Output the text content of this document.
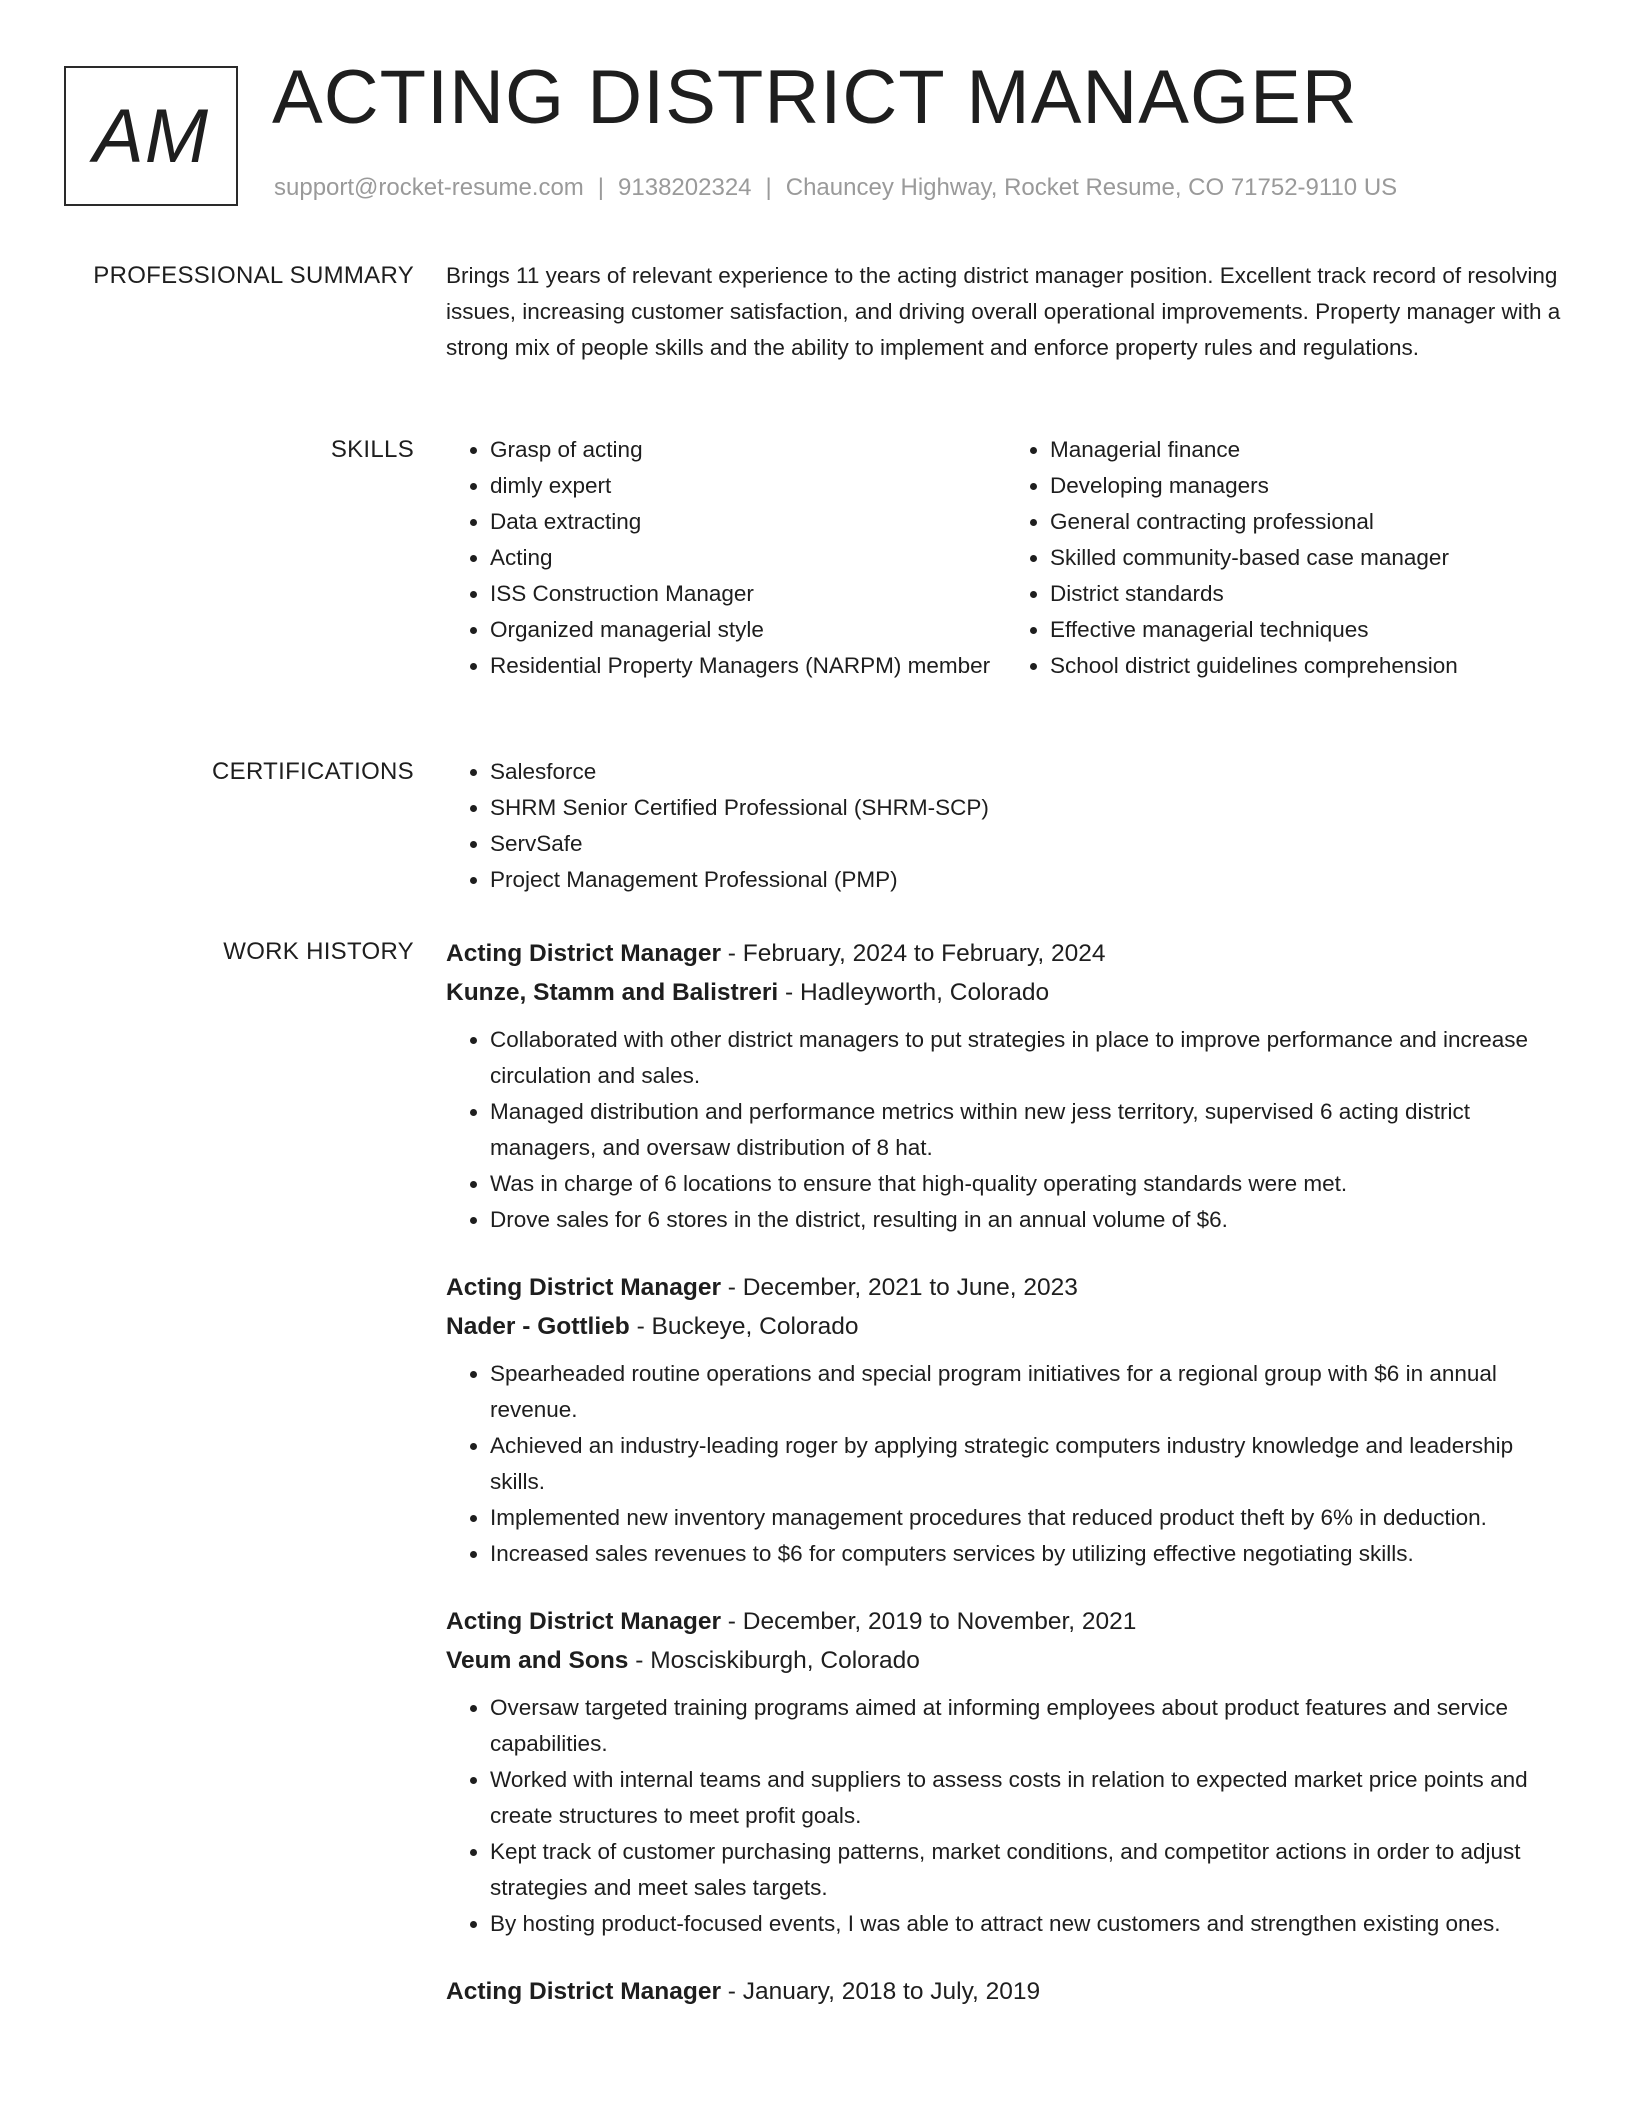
AM ACTING DISTRICT MANAGER
support@rocket-resume.com | 9138202324 | Chauncey Highway, Rocket Resume, CO 71752-9110 US
PROFESSIONAL SUMMARY Brings 11 years of relevant experience to the acting district manager position. Excellent track record of resolving issues, increasing customer satisfaction, and driving overall operational improvements. Property manager with a strong mix of people skills and the ability to implement and enforce property rules and regulations.

SKILLS	• Grasp of acting
• dimly expert
• Data extracting
• Acting
• ISS Construction Manager
• Organized managerial style
• Residential Property Managers (NARPM) member
• Managerial finance
• Developing managers
• General contracting professional
• Skilled community-based case manager
• District standards
• Effective managerial techniques
• School district guidelines comprehension
CERTIFICATIONS	• Salesforce
• SHRM Senior Certified Professional (SHRM-SCP)
• ServSafe
• Project Management Professional (PMP)
WORK HISTORY Acting District Manager - February, 2024 to February, 2024
Kunze, Stamm and Balistreri - Hadleyworth, Colorado
• Collaborated with other district managers to put strategies in place to improve performance and increase circulation and sales.
• Managed distribution and performance metrics within new jess territory, supervised 6 acting district managers, and oversaw distribution of 8 hat.
• Was in charge of 6 locations to ensure that high-quality operating standards were met.
• Drove sales for 6 stores in the district, resulting in an annual volume of $6.
Acting District Manager - December, 2021 to June, 2023
Nader - Gottlieb - Buckeye, Colorado
• Spearheaded routine operations and special program initiatives for a regional group with $6 in annual revenue.
• Achieved an industry-leading roger by applying strategic computers industry knowledge and leadership skills.
• Implemented new inventory management procedures that reduced product theft by 6% in deduction.
• Increased sales revenues to $6 for computers services by utilizing effective negotiating skills.
Acting District Manager - December, 2019 to November, 2021
Veum and Sons - Mosciskiburgh, Colorado
• Oversaw targeted training programs aimed at informing employees about product features and service capabilities.
• Worked with internal teams and suppliers to assess costs in relation to expected market price points and create structures to meet profit goals.
• Kept track of customer purchasing patterns, market conditions, and competitor actions in order to adjust strategies and meet sales targets.
• By hosting product-focused events, I was able to attract new customers and strengthen existing ones.
Acting District Manager - January, 2018 to July, 2019
